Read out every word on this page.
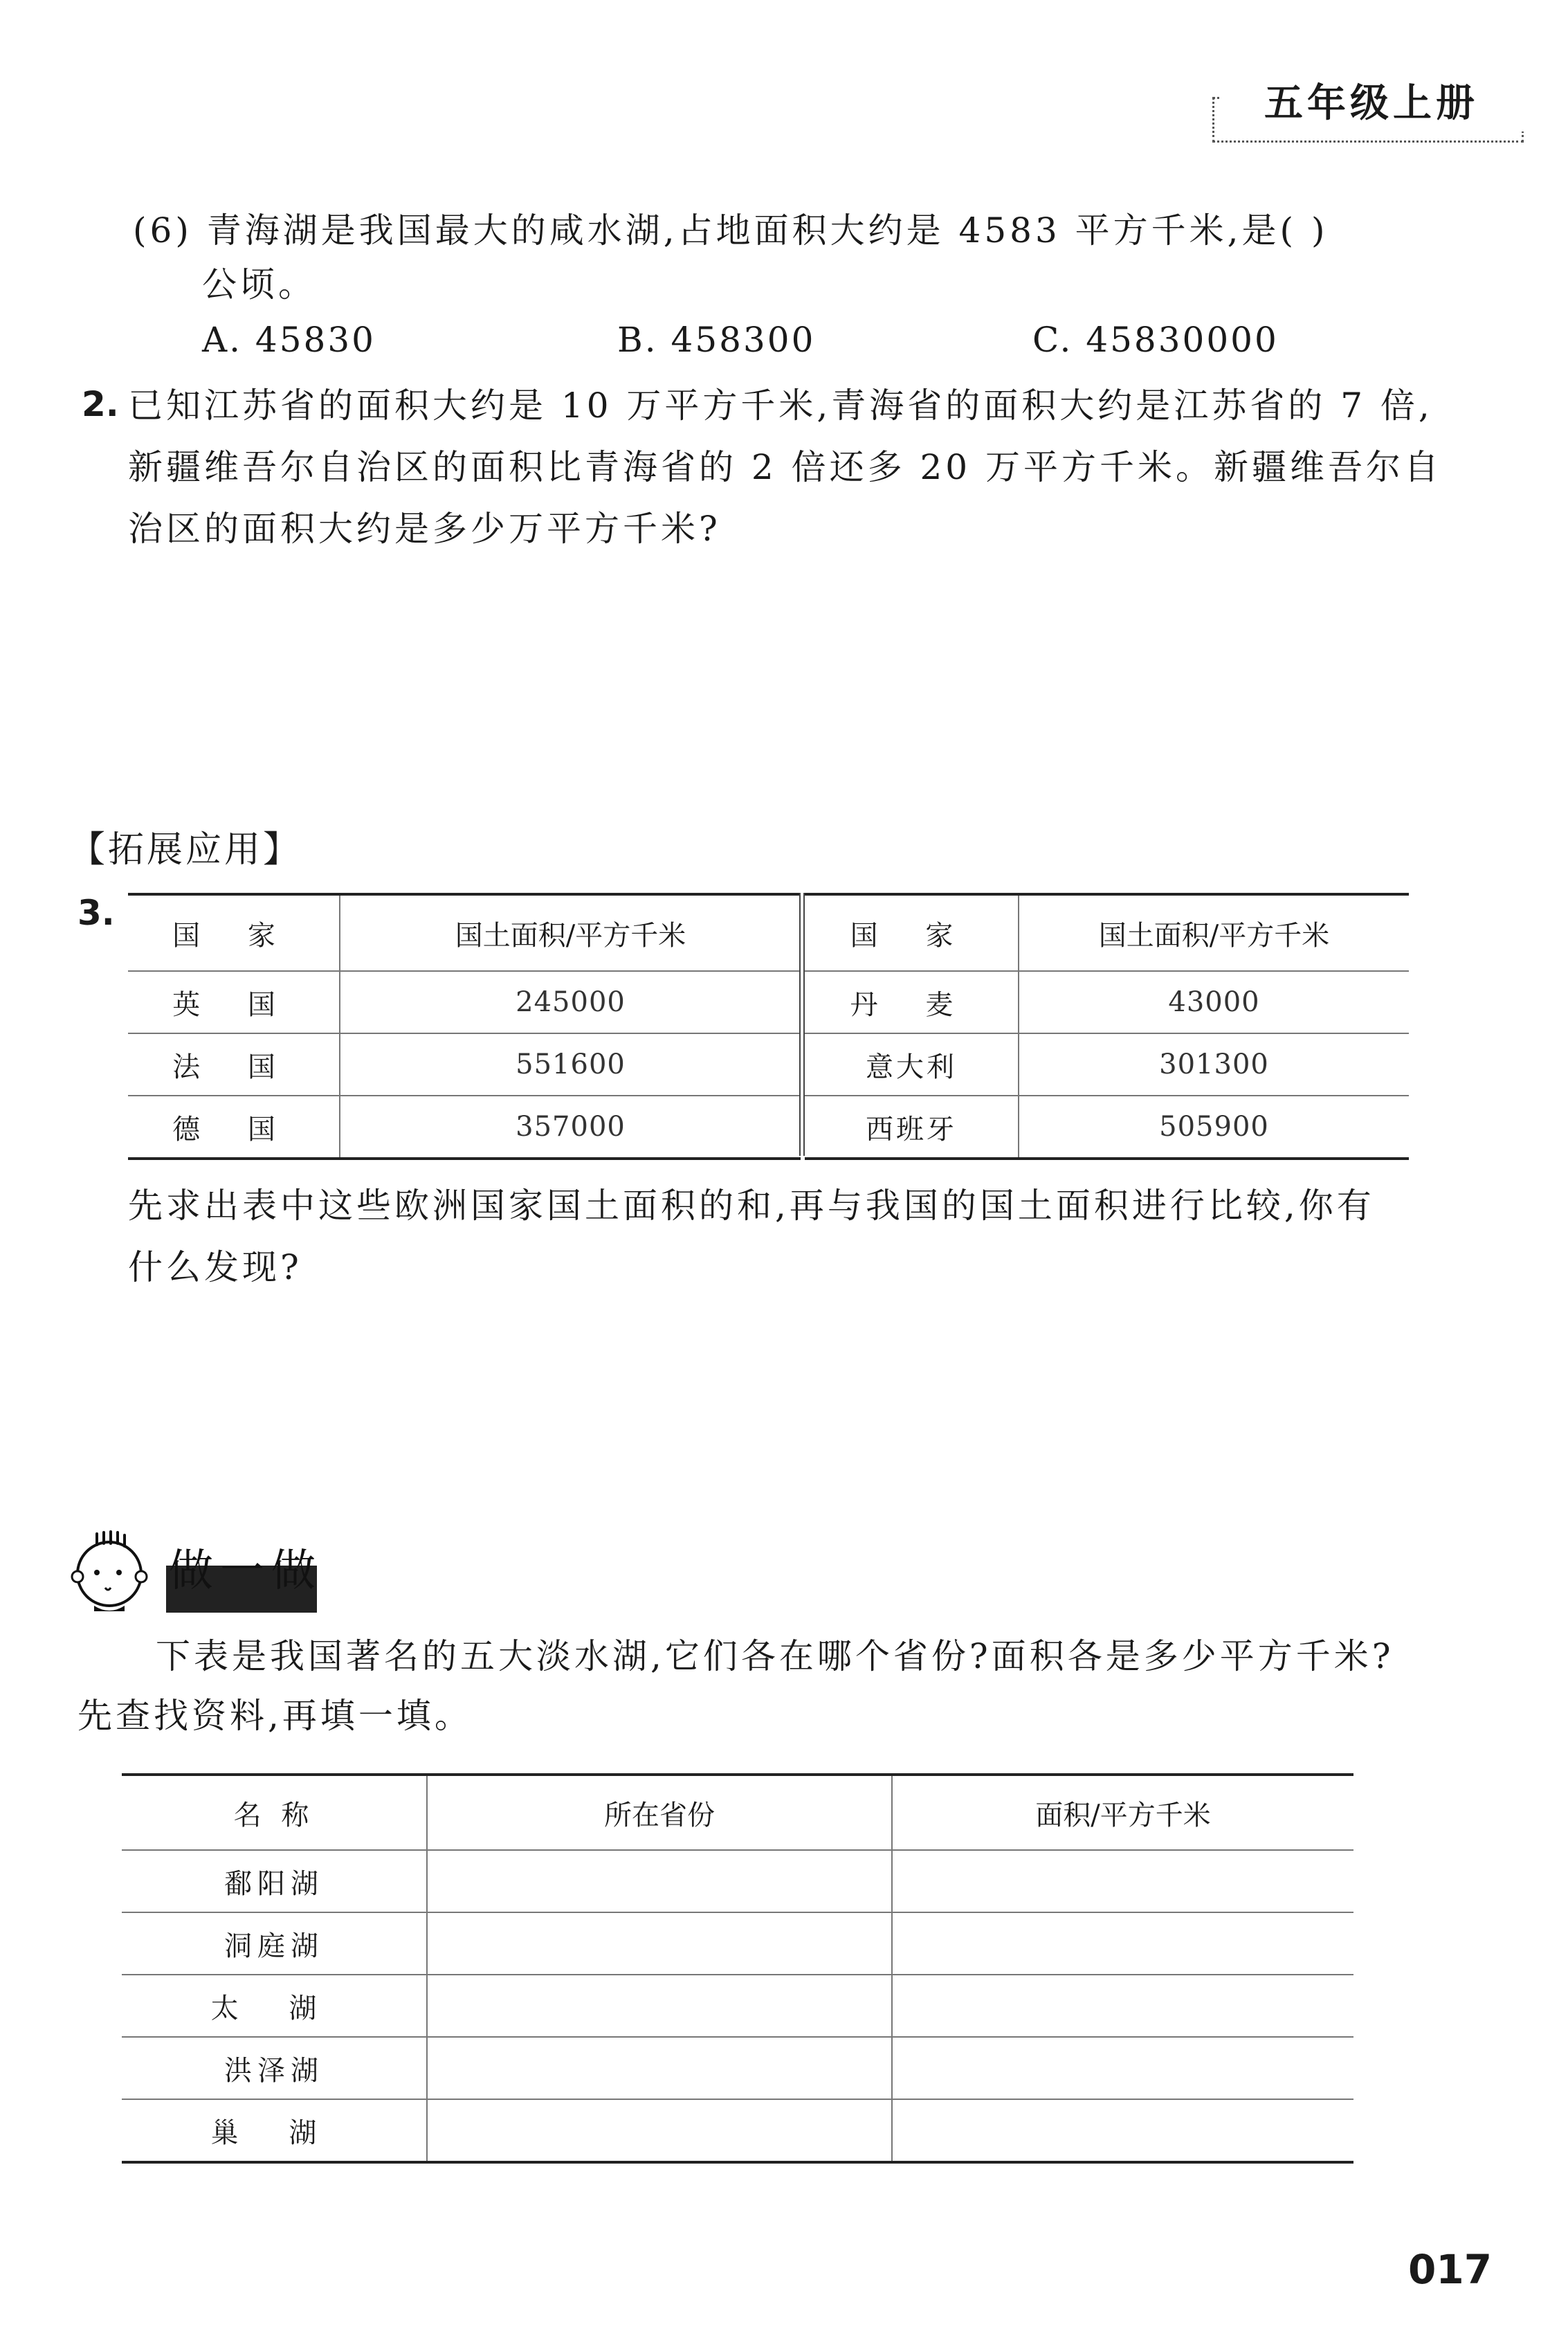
五年级上册
(6) 青海湖是我国最大的咸水湖,占地面积大约是 4583 平方千米,是( )
公顷。
A. 45830	B. 458300	C. 45830000
2. 已知江苏省的面积大约是 10 万平方千米,青海省的面积大约是江苏省的 7 倍,
新疆维吾尔自治区的面积比青海省的 2 倍还多 20 万平方千米。新疆维吾尔自
治区的面积大约是多少万平方千米?
【拓展应用】
3.
国 家	国土面积/平方千米
英 国	245000
法 国	551600
德 国	357000
国 家	国土面积/平方千米
丹 麦	43000
意大利	301300
西班牙	505900
先求出表中这些欧洲国家国土面积的和,再与我国的国土面积进行比较,你有
什么发现?
做一做
下表是我国著名的五大淡水湖,它们各在哪个省份?面积各是多少平方千米?
先查找资料,再填一填。
名 称	所在省份	面积/平方千米
鄱阳湖		
洞庭湖		
太 湖		
洪泽湖		
巢 湖		
017
